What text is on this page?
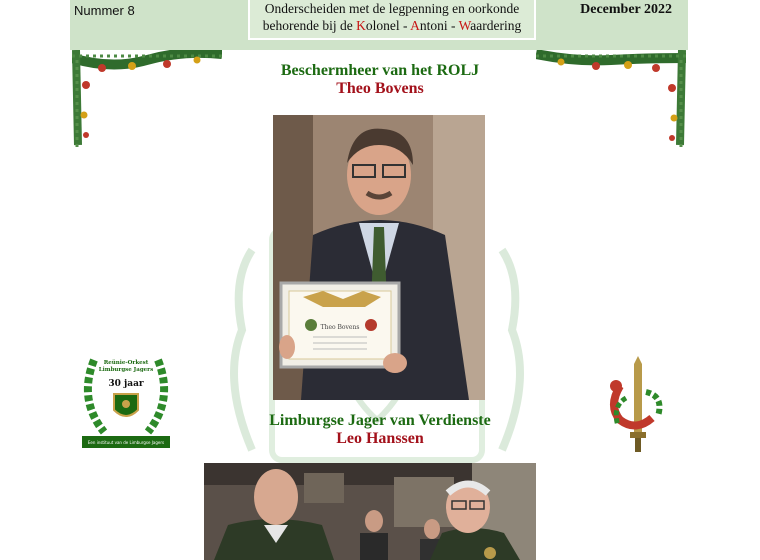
Nummer 8	Onderscheiden met de legpenning en oorkonde
behorende bij de Kolonel - Antoni - Waardering
December 2022
Beschermheer van het ROLJ
Theo Bovens
Theo Bovens
Reünie-Orkest
Limburgse Jagers
30 jaar
Een instituut van de Limburgse Jagers
Limburgse Jager van Verdienste
Leo Hanssen
